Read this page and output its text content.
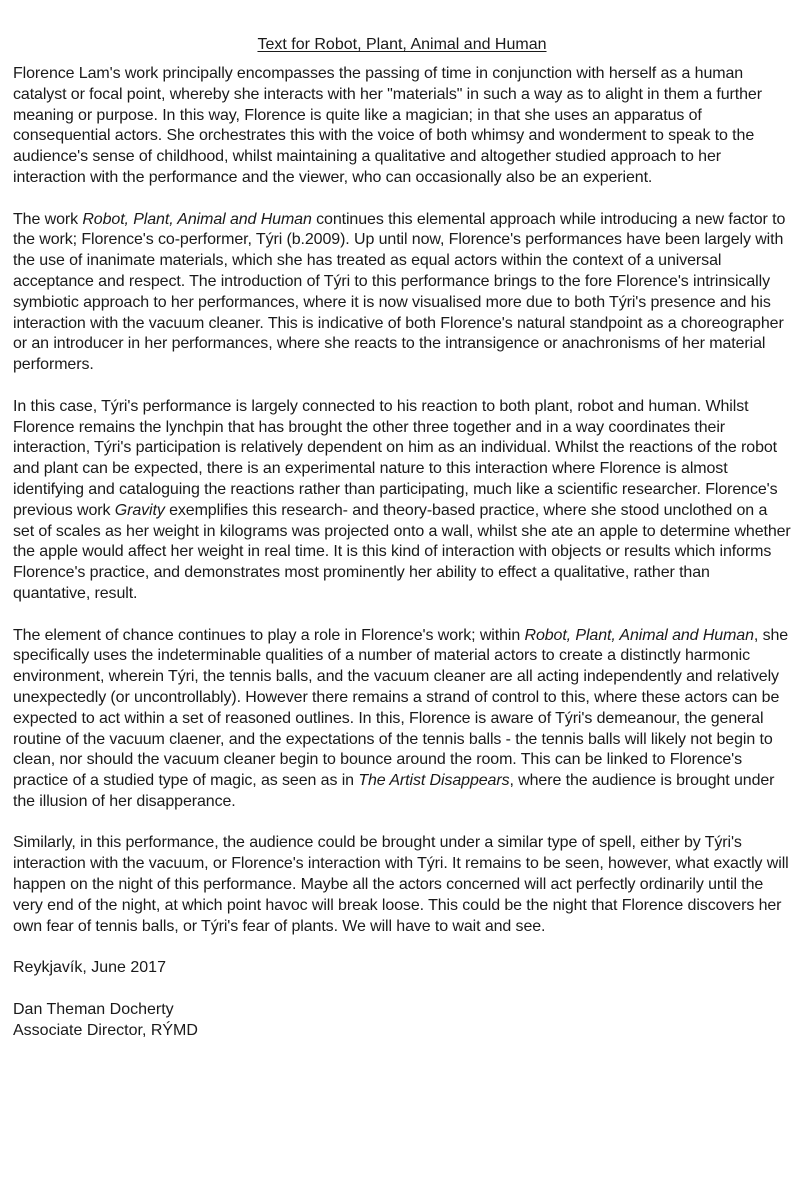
Text for Robot, Plant, Animal and Human

Florence Lam's work principally encompasses the passing of time in conjunction with herself as a human catalyst or focal point, whereby she interacts with her "materials" in such a way as to alight in them a further meaning or purpose. In this way, Florence is quite like a magician; in that she uses an apparatus of consequential actors. She orchestrates this with the voice of both whimsy and wonderment to speak to the audience's sense of childhood, whilst maintaining a qualitative and altogether studied approach to her interaction with the performance and the viewer, who can occasionally also be an experient.

The work Robot, Plant, Animal and Human continues this elemental approach while introducing a new factor to the work; Florence's co-performer, Týri (b.2009). Up until now, Florence's performances have been largely with the use of inanimate materials, which she has treated as equal actors within the context of a universal acceptance and respect. The introduction of Týri to this performance brings to the fore Florence's intrinsically symbiotic approach to her performances, where it is now visualised more due to both Týri's presence and his interaction with the vacuum cleaner. This is indicative of both Florence's natural standpoint as a choreographer or an introducer in her performances, where she reacts to the intransigence or anachronisms of her material performers.

In this case, Týri's performance is largely connected to his reaction to both plant, robot and human. Whilst Florence remains the lynchpin that has brought the other three together and in a way coordinates their interaction, Týri's participation is relatively dependent on him as an individual. Whilst the reactions of the robot and plant can be expected, there is an experimental nature to this interaction where Florence is almost identifying and cataloguing the reactions rather than participating, much like a scientific researcher. Florence's previous work Gravity exemplifies this research- and theory-based practice, where she stood unclothed on a set of scales as her weight in kilograms was projected onto a wall, whilst she ate an apple to determine whether the apple would affect her weight in real time. It is this kind of interaction with objects or results which informs Florence's practice, and demonstrates most prominently her ability to effect a qualitative, rather than quantative, result.

The element of chance continues to play a role in Florence's work; within Robot, Plant, Animal and Human, she specifically uses the indeterminable qualities of a number of material actors to create a distinctly harmonic environment, wherein Týri, the tennis balls, and the vacuum cleaner are all acting independently and relatively unexpectedly (or uncontrollably). However there remains a strand of control to this, where these actors can be expected to act within a set of reasoned outlines. In this, Florence is aware of Týri's demeanour, the general routine of the vacuum claener, and the expectations of the tennis balls - the tennis balls will likely not begin to clean, nor should the vacuum cleaner begin to bounce around the room. This can be linked to Florence's practice of a studied type of magic, as seen as in The Artist Disappears, where the audience is brought under the illusion of her disapperance.

Similarly, in this performance, the audience could be brought under a similar type of spell, either by Týri's interaction with the vacuum, or Florence's interaction with Týri. It remains to be seen, however, what exactly will happen on the night of this performance. Maybe all the actors concerned will act perfectly ordinarily until the very end of the night, at which point havoc will break loose. This could be the night that Florence discovers her own fear of tennis balls, or Týri's fear of plants. We will have to wait and see.

Reykjavík, June 2017

Dan Theman Docherty

Associate Director, RÝMD
